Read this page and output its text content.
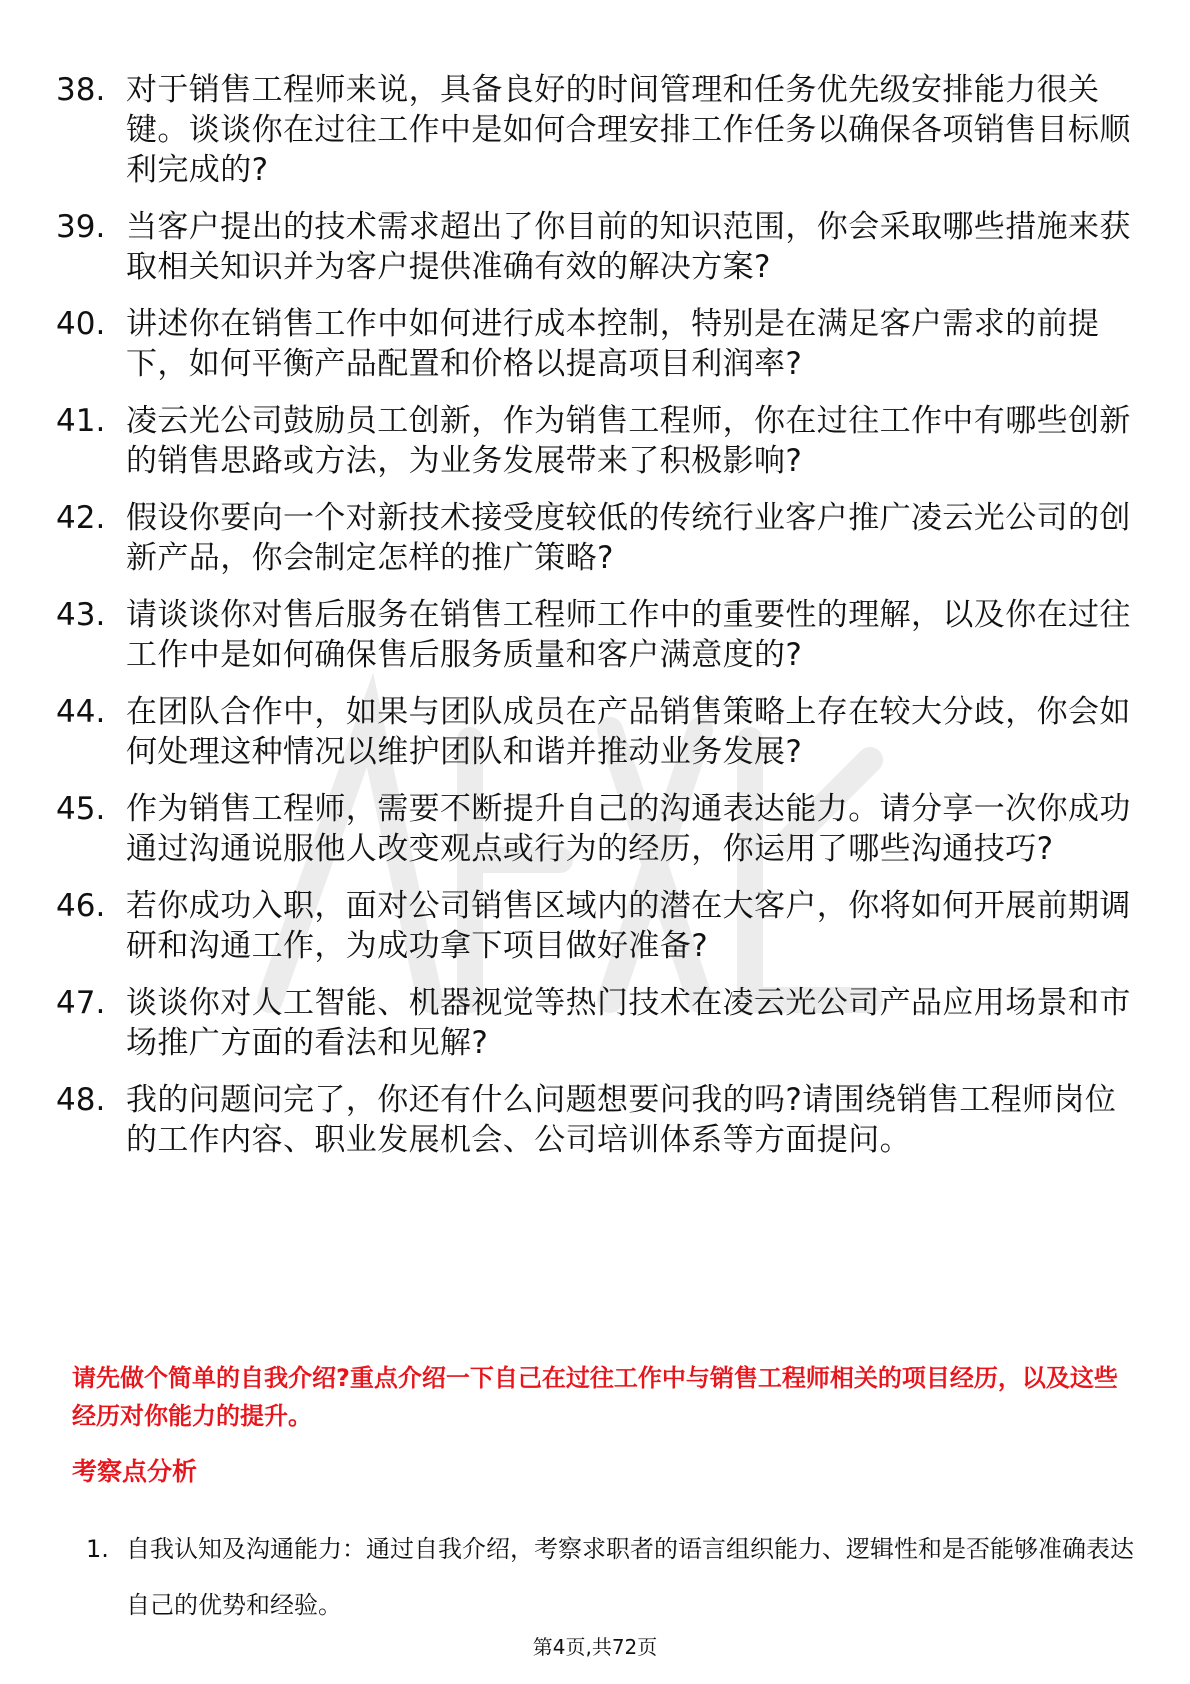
38. 对于销售工程师来说，具备良好的时间管理和任务优先级安排能力很关键。谈谈你在过往工作中是如何合理安排工作任务以确保各项销售目标顺利完成的?
39. 当客户提出的技术需求超出了你目前的知识范围，你会采取哪些措施来获取相关知识并为客户提供准确有效的解决方案?
40. 讲述你在销售工作中如何进行成本控制，特别是在满足客户需求的前提下，如何平衡产品配置和价格以提高项目利润率?
41. 凌云光公司鼓励员工创新，作为销售工程师，你在过往工作中有哪些创新的销售思路或方法，为业务发展带来了积极影响?
42. 假设你要向一个对新技术接受度较低的传统行业客户推广凌云光公司的创新产品，你会制定怎样的推广策略?
43. 请谈谈你对售后服务在销售工程师工作中的重要性的理解，以及你在过往工作中是如何确保售后服务质量和客户满意度的?
44. 在团队合作中，如果与团队成员在产品销售策略上存在较大分歧，你会如何处理这种情况以维护团队和谐并推动业务发展?
45. 作为销售工程师，需要不断提升自己的沟通表达能力。请分享一次你成功通过沟通说服他人改变观点或行为的经历，你运用了哪些沟通技巧?
46. 若你成功入职，面对公司销售区域内的潜在大客户，你将如何开展前期调研和沟通工作，为成功拿下项目做好准备?
47. 谈谈你对人工智能、机器视觉等热门技术在凌云光公司产品应用场景和市场推广方面的看法和见解?
48. 我的问题问完了，你还有什么问题想要问我的吗?请围绕销售工程师岗位的工作内容、职业发展机会、公司培训体系等方面提问。

请先做个简单的自我介绍?重点介绍一下自己在过往工作中与销售工程师相关的项目经历，以及这些经历对你能力的提升。

考察点分析
1. 自我认知及沟通能力：通过自我介绍，考察求职者的语言组织能力、逻辑性和是否能够准确表达自己的优势和经验。
第4页,共72页
